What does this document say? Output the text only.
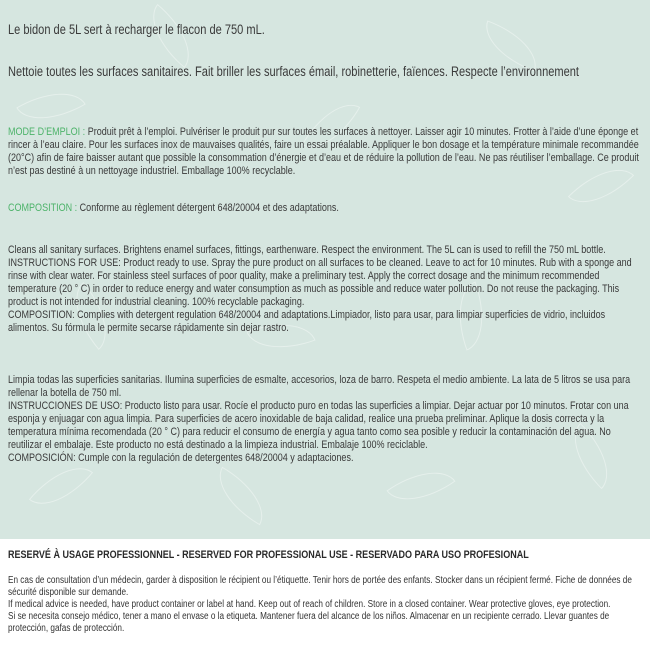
Le bidon de 5L sert à recharger le flacon de 750 mL.
Nettoie toutes les surfaces sanitaires. Fait briller les surfaces émail, robinetterie, faïences. Respecte l’environnement
MODE D’EMPLOI : Produit prêt à l’emploi. Pulvériser le produit pur sur toutes les surfaces à nettoyer. Laisser agir 10 minutes. Frotter à l’aide d’une éponge et rincer à l’eau claire. Pour les surfaces inox de mauvaises qualités, faire un essai préalable. Appliquer le bon dosage et la température minimale recommandée (20°C) afin de faire baisser autant que possible la consommation d’énergie et d’eau et de réduire la pollution de l’eau. Ne pas réutiliser l’emballage. Ce produit n’est pas destiné à un nettoyage industriel. Emballage 100% recyclable.
COMPOSITION : Conforme au règlement détergent 648/20004 et des adaptations.

Cleans all sanitary surfaces. Brightens enamel surfaces, fittings, earthenware. Respect the environment. The 5L can is used to refill the 750 mL bottle.

INSTRUCTIONS FOR USE: Product ready to use. Spray the pure product on all surfaces to be cleaned. Leave to act for 10 minutes. Rub with a sponge and rinse with clear water. For stainless steel surfaces of poor quality, make a preliminary test. Apply the correct dosage and the minimum recommended temperature (20 ° C) in order to reduce energy and water consumption as much as possible and reduce water pollution. Do not reuse the packaging. This product is not intended for industrial cleaning. 100% recyclable packaging.

COMPOSITION: Complies with detergent regulation 648/20004 and adaptations.Limpiador, listo para usar, para limpiar superficies de vidrio, incluidos alimentos. Su fórmula le permite secarse rápidamente sin dejar rastro.

Limpia todas las superficies sanitarias. Ilumina superficies de esmalte, accesorios, loza de barro. Respeta el medio ambiente. La lata de 5 litros se usa para rellenar la botella de 750 ml.

INSTRUCCIONES DE USO: Producto listo para usar. Rocíe el producto puro en todas las superficies a limpiar. Dejar actuar por 10 minutos. Frotar con una esponja y enjuagar con agua limpia. Para superficies de acero inoxidable de baja calidad, realice una prueba preliminar. Aplique la dosis correcta y la temperatura mínima recomendada (20 ° C) para reducir el consumo de energía y agua tanto como sea posible y reducir la contaminación del agua. No reutilizar el embalaje. Este producto no está destinado a la limpieza industrial. Embalaje 100% reciclable.

COMPOSICIÓN: Cumple con la regulación de detergentes 648/20004 y adaptaciones.

RESERVÉ À USAGE PROFESSIONNEL - RESERVED FOR PROFESSIONAL USE - RESERVADO PARA USO PROFESIONAL

En cas de consultation d’un médecin, garder à disposition le récipient ou l’étiquette. Tenir hors de portée des enfants. Stocker dans un récipient fermé. Fiche de données de sécurité disponible sur demande.

If medical advice is needed, have product container or label at hand. Keep out of reach of children. Store in a closed container. Wear protective gloves, eye protection.

Si se necesita consejo médico, tener a mano el envase o la etiqueta. Mantener fuera del alcance de los niños. Almacenar en un recipiente cerrado. Llevar guantes de protección, gafas de protección.
